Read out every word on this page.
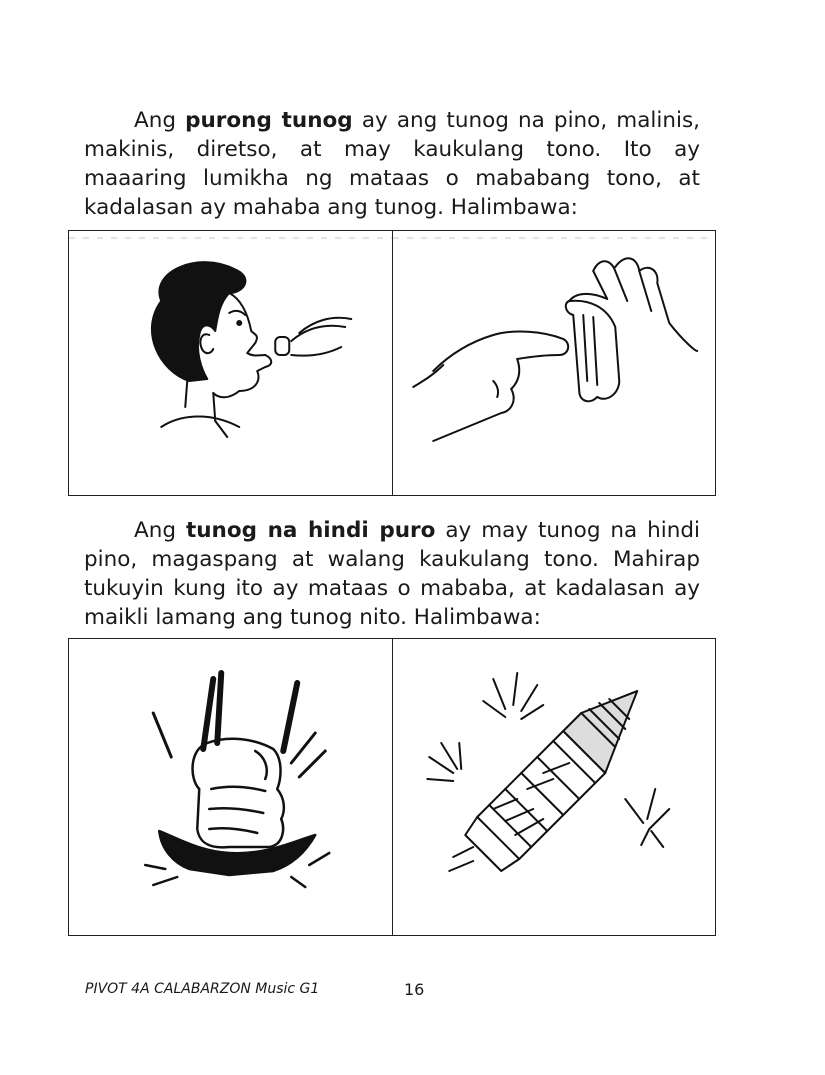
Ang purong tunog ay ang tunog na pino, malinis, makinis, diretso, at may kaukulang tono. Ito ay maaaring lumikha ng mataas o mababang tono, at kadalasan ay mahaba ang tunog. Halimbawa:

Ang tunog na hindi puro ay may tunog na hindi pino, magaspang at walang kaukulang tono. Mahirap tukuyin kung ito ay mataas o mababa, at kadalasan ay maikli lamang ang tunog nito. Halimbawa:

PIVOT 4A CALABARZON Music G1	16
